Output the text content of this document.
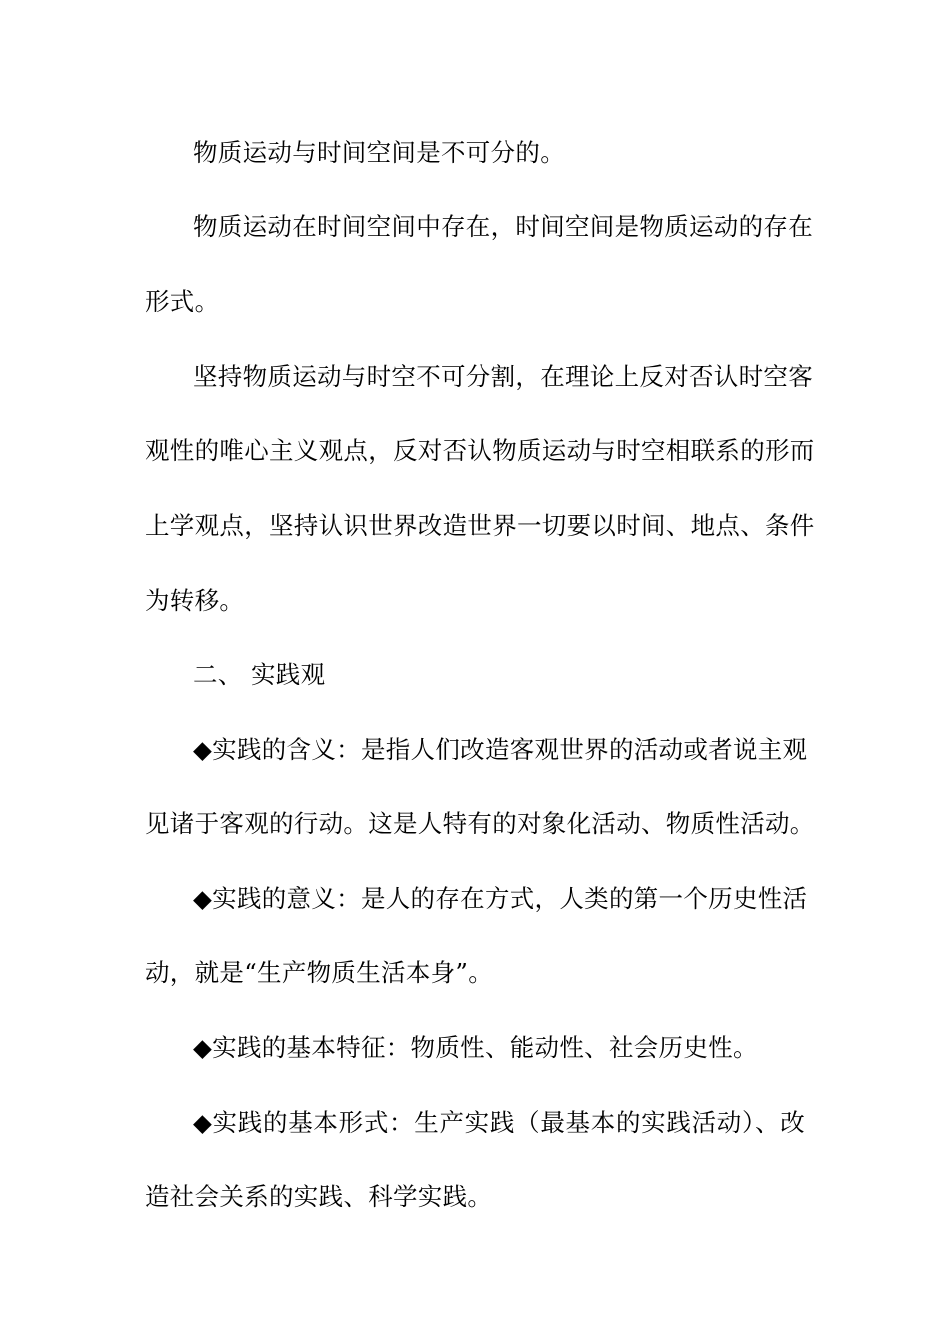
物质运动与时间空间是不可分的。
物质运动在时间空间中存在，时间空间是物质运动的存在
形式。
坚持物质运动与时空不可分割，在理论上反对否认时空客
观性的唯心主义观点，反对否认物质运动与时空相联系的形而
上学观点，坚持认识世界改造世界一切要以时间、地点、条件
为转移。
二、 实践观
◆实践的含义：是指人们改造客观世界的活动或者说主观
见诸于客观的行动。这是人特有的对象化活动、物质性活动。
◆实践的意义：是人的存在方式，人类的第一个历史性活
动，就是“生产物质生活本身”。
◆实践的基本特征：物质性、能动性、社会历史性。
◆实践的基本形式：生产实践（最基本的实践活动）、改
造社会关系的实践、科学实践。
